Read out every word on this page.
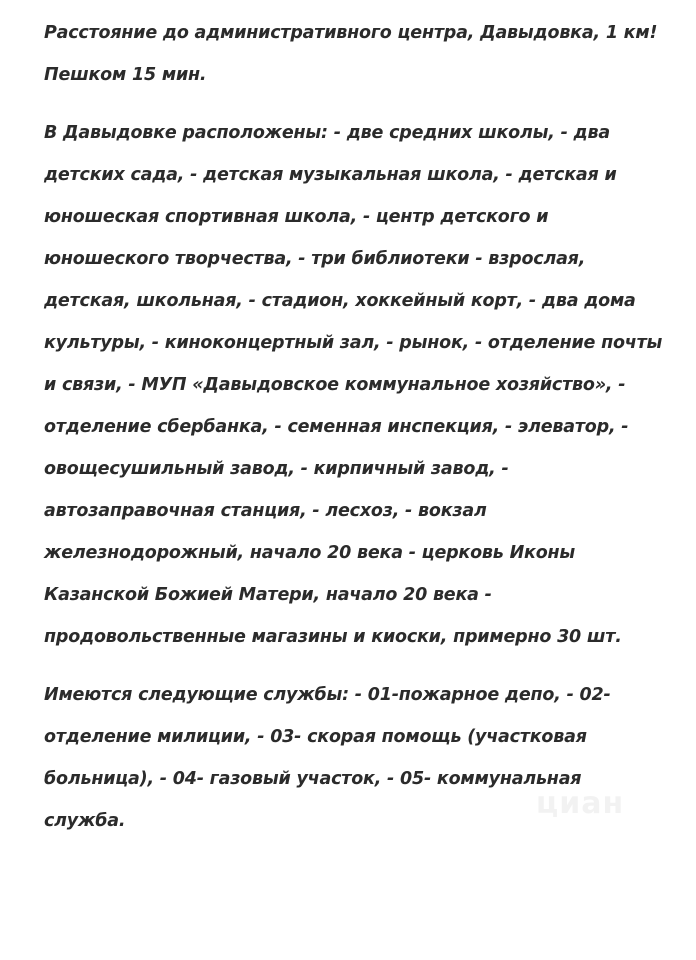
Расстояние до административного центра, Давыдовка, 1 км! Пешком 15 мин.

В Давыдовке расположены: - две средних школы, - два детских сада, - детская музыкальная школа, - детская и юношеская спортивная школа, - центр детского и юношеского творчества, - три библиотеки - взрослая, детская, школьная, - стадион, хоккейный корт, - два дома культуры, - киноконцертный зал, - рынок, - отделение почты и связи, - МУП «Давыдовское коммунальное хозяйство», - отделение сбербанка, - семенная инспекция, - элеватор, - овощесушильный завод, - кирпичный завод, - автозаправочная станция, - лесхоз, - вокзал железнодорожный, начало 20 века - церковь Иконы Казанской Божией Матери, начало 20 века - продовольственные магазины и киоски, примерно 30 шт.

Имеются следующие службы: - 01-пожарное депо, - 02- отделение милиции, - 03- скорая помощь (участковая больница), - 04- газовый участок, - 05- коммунальная служба.	циан
